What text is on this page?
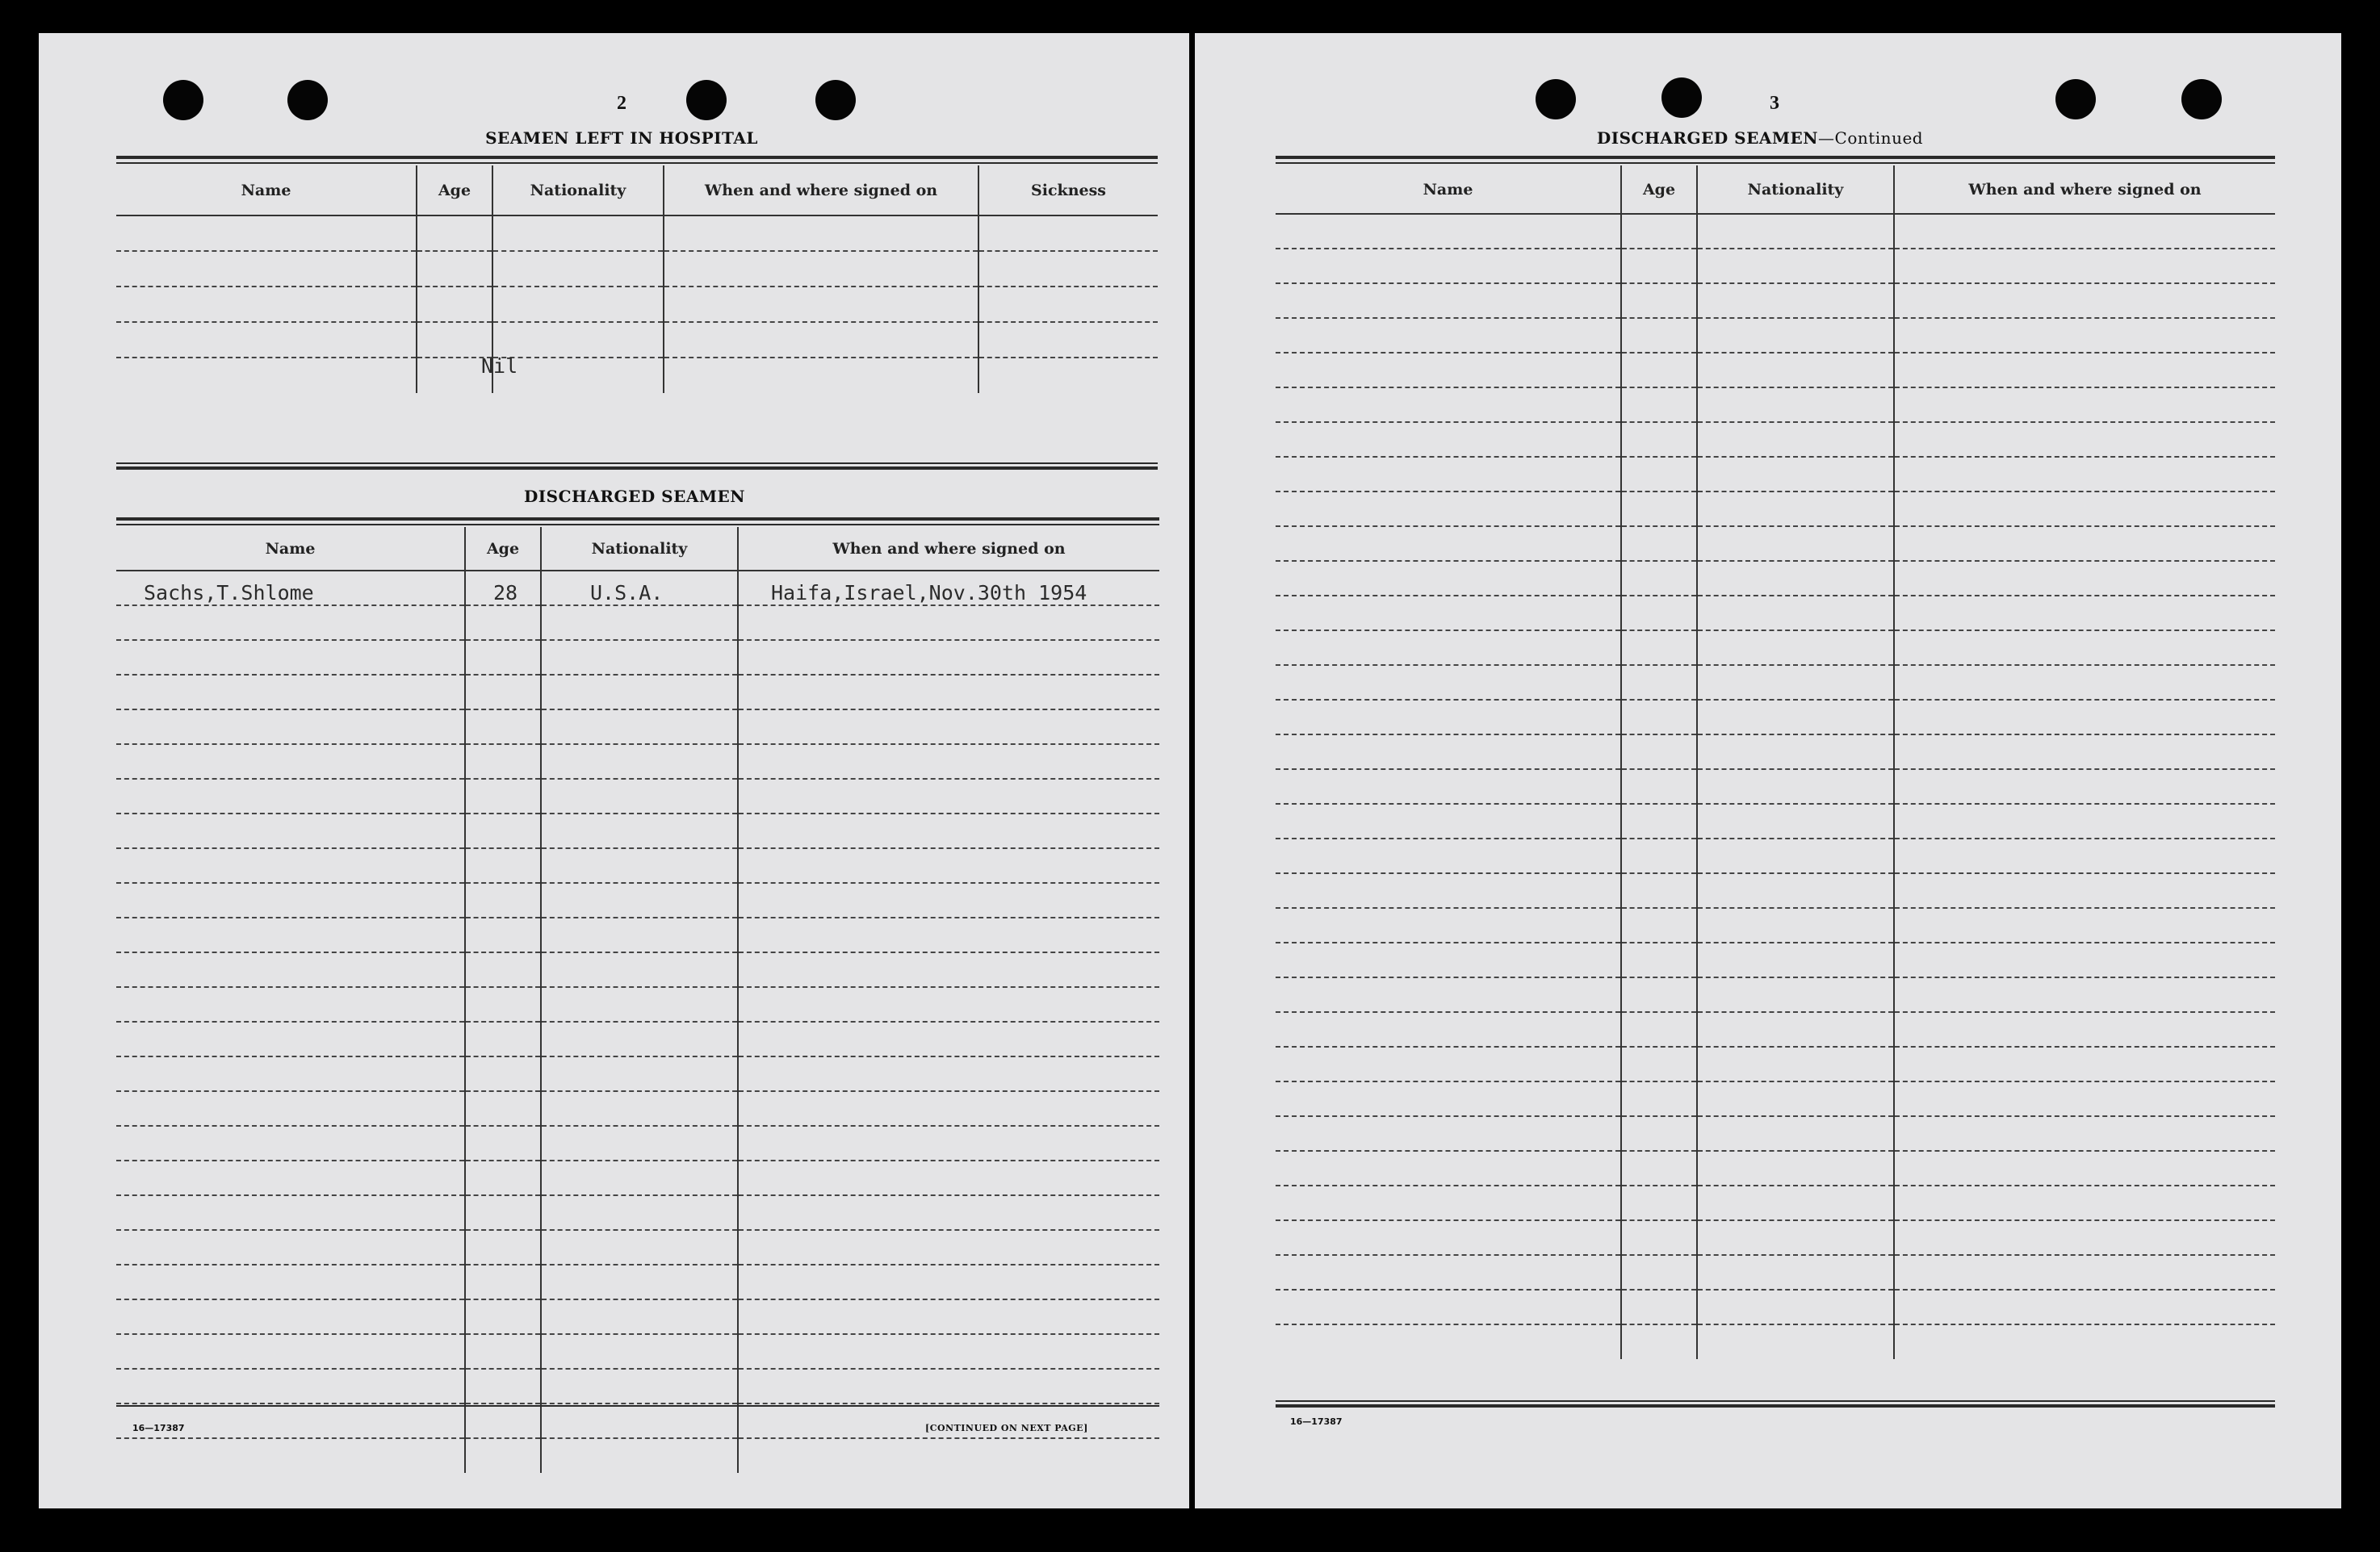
2
SEAMEN LEFT IN HOSPITAL
Name	Age	Nationality	When and where signed on	Sickness

Nil
DISCHARGED SEAMEN
Name	Age	Nationality	When and where signed on
Sachs,T.Shlome	28	U.S.A.	Haifa,Israel,Nov.30th 1954

16—17387	[CONTINUED ON NEXT PAGE]
3
DISCHARGED SEAMEN—Continued
Name	Age	Nationality	When and where signed on

16—17387
